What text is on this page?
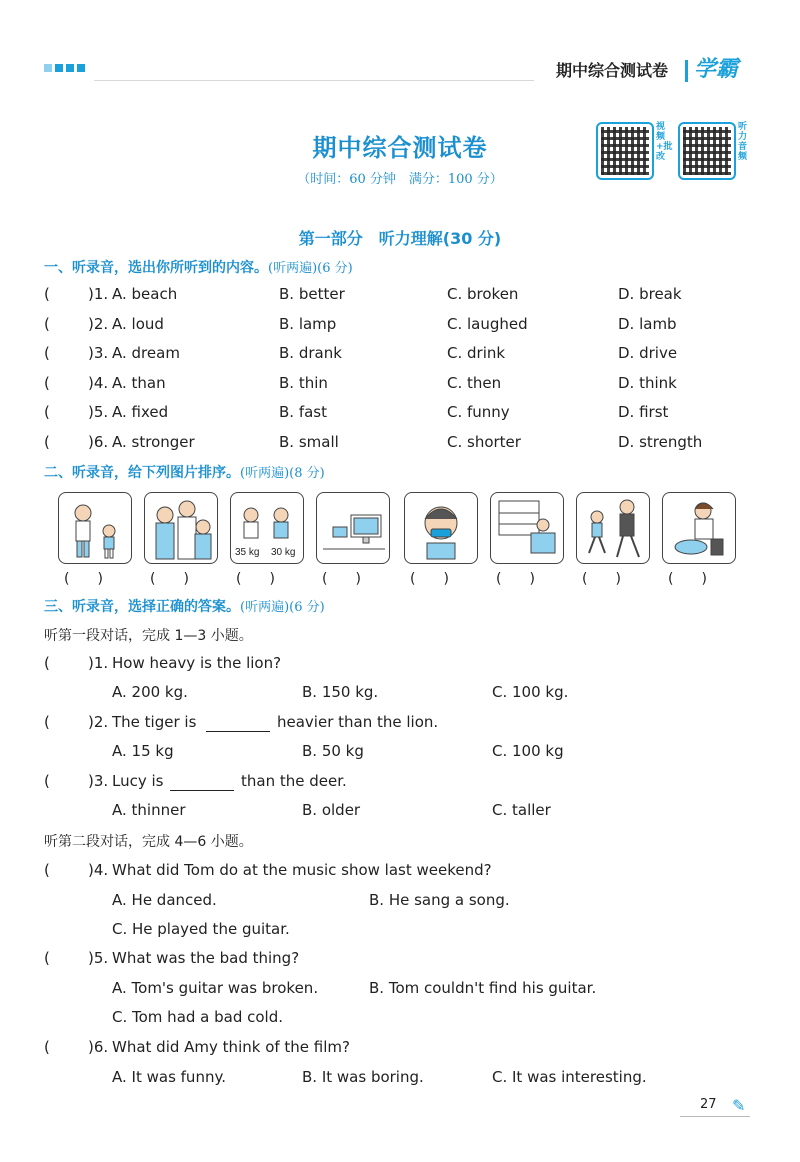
期中综合测试卷 学霸
期中综合测试卷
（时间：60 分钟　满分：100 分）
视频+批改
听力音频
第一部分　听力理解(30 分)
一、听录音，选出你所听到的内容。(听两遍)(6 分)
(	)1. A. beach	B. better	C. broken	D. break
(	)2. A. loud	B. lamp	C. laughed	D. lamb
(	)3. A. dream	B. drank	C. drink	D. drive
(	)4. A. than	B. thin	C. then	D. think
(	)5. A. fixed	B. fast	C. funny	D. first
(	)6. A. stronger	B. small	C. shorter	D. strength
二、听录音，给下列图片排序。(听两遍)(8 分)
35 kg 30 kg
(　　)	(　　)	(　　)	(　　)	(　　)	(　　)	(　　)	(　　)
三、听录音，选择正确的答案。(听两遍)(6 分)
听第一段对话，完成 1—3 小题。
(	)1. How heavy is the lion?
A. 200 kg.	B. 150 kg.	C. 100 kg.
(	)2. The tiger is	heavier than the lion.
A. 15 kg	B. 50 kg	C. 100 kg
(	)3. Lucy is	than the deer.
A. thinner	B. older	C. taller
听第二段对话，完成 4—6 小题。
(	)4. What did Tom do at the music show last weekend?
A. He danced.	B. He sang a song.
C. He played the guitar.
(	)5. What was the bad thing?
A. Tom's guitar was broken.	B. Tom couldn't find his guitar.
C. Tom had a bad cold.
(	)6. What did Amy think of the film?
A. It was funny.	B. It was boring.	C. It was interesting.
27 ✎
